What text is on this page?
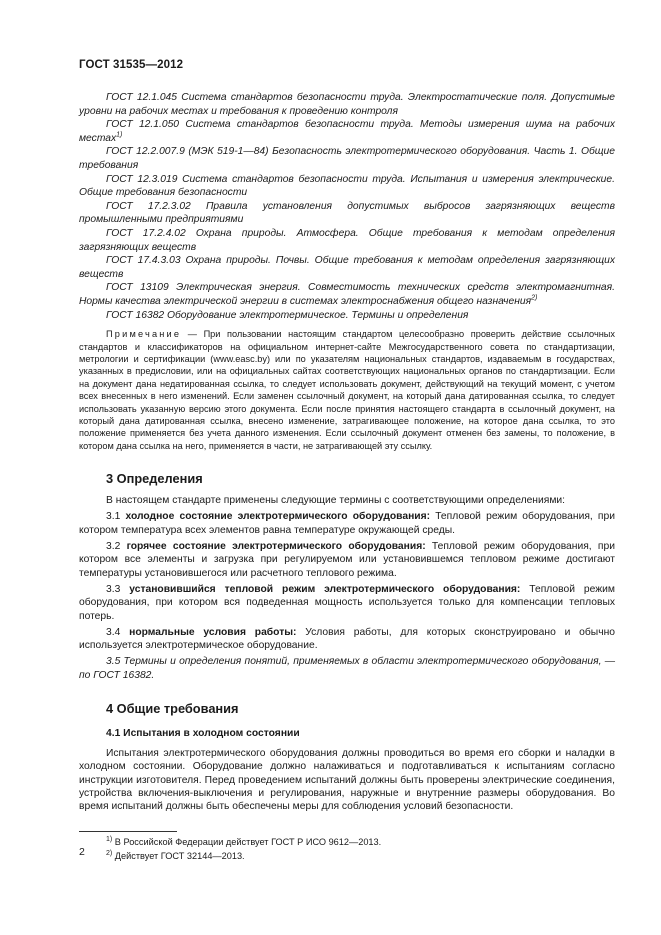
ГОСТ 31535—2012

ГОСТ 12.1.045 Система стандартов безопасности труда. Электростатические поля. Допустимые уровни на рабочих местах и требования к проведению контроля

ГОСТ 12.1.050 Система стандартов безопасности труда. Методы измерения шума на рабочих местах$^{1)}$

ГОСТ 12.2.007.9 (МЭК 519-1—84) Безопасность электротермического оборудования. Часть 1. Общие требования

ГОСТ 12.3.019 Система стандартов безопасности труда. Испытания и измерения электрические. Общие требования безопасности

ГОСТ 17.2.3.02 Правила установления допустимых выбросов загрязняющих веществ промышленными предприятиями

ГОСТ 17.2.4.02 Охрана природы. Атмосфера. Общие требования к методам определения загрязняющих веществ

ГОСТ 17.4.3.03 Охрана природы. Почвы. Общие требования к методам определения загрязняющих веществ

ГОСТ 13109 Электрическая энергия. Совместимость технических средств электромагнитная. Нормы качества электрической энергии в системах электроснабжения общего назначения$^{2)}$

ГОСТ 16382 Оборудование электротермическое. Термины и определения

Примечание — При пользовании настоящим стандартом целесообразно проверить действие ссылочных стандартов и классификаторов на официальном интернет-сайте Межгосударственного совета по стандартизации, метрологии и сертификации (www.easc.by) или по указателям национальных стандартов, издаваемым в государствах, указанных в предисловии, или на официальных сайтах соответствующих национальных органов по стандартизации. Если на документ дана недатированная ссылка, то следует использовать документ, действующий на текущий момент, с учетом всех внесенных в него изменений. Если заменен ссылочный документ, на который дана датированная ссылка, то следует использовать указанную версию этого документа. Если после принятия настоящего стандарта в ссылочный документ, на который дана датированная ссылка, внесено изменение, затрагивающее положение, на которое дана ссылка, то это положение применяется без учета данного изменения. Если ссылочный документ отменен без замены, то положение, в котором дана ссылка на него, применяется в части, не затрагивающей эту ссылку.

3 Определения

В настоящем стандарте применены следующие термины с соответствующими определениями:

3.1 холодное состояние электротермического оборудования: Тепловой режим оборудования, при котором температура всех элементов равна температуре окружающей среды.

3.2 горячее состояние электротермического оборудования: Тепловой режим оборудования, при котором все элементы и загрузка при регулируемом или установившемся тепловом режиме достигают температуры установившегося или расчетного теплового режима.

3.3 установившийся тепловой режим электротермического оборудования: Тепловой режим оборудования, при котором вся подведенная мощность используется только для компенсации тепловых потерь.

3.4 нормальные условия работы: Условия работы, для которых сконструировано и обычно используется электротермическое оборудование.

3.5 Термины и определения понятий, применяемых в области электротермического оборудования, — по ГОСТ 16382.

4 Общие требования
4.1 Испытания в холодном состоянии

Испытания электротермического оборудования должны проводиться во время его сборки и наладки в холодном состоянии. Оборудование должно налаживаться и подготавливаться к испытаниям согласно инструкции изготовителя. Перед проведением испытаний должны быть проверены электрические соединения, устройства включения-выключения и регулирования, наружные и внутренние размеры оборудования. Во время испытаний должны быть обеспечены меры для соблюдения условий безопасности.

$^{1)}$ В Российской Федерации действует ГОСТ Р ИСО 9612—2013.
$^{2)}$ Действует ГОСТ 32144—2013.
2
